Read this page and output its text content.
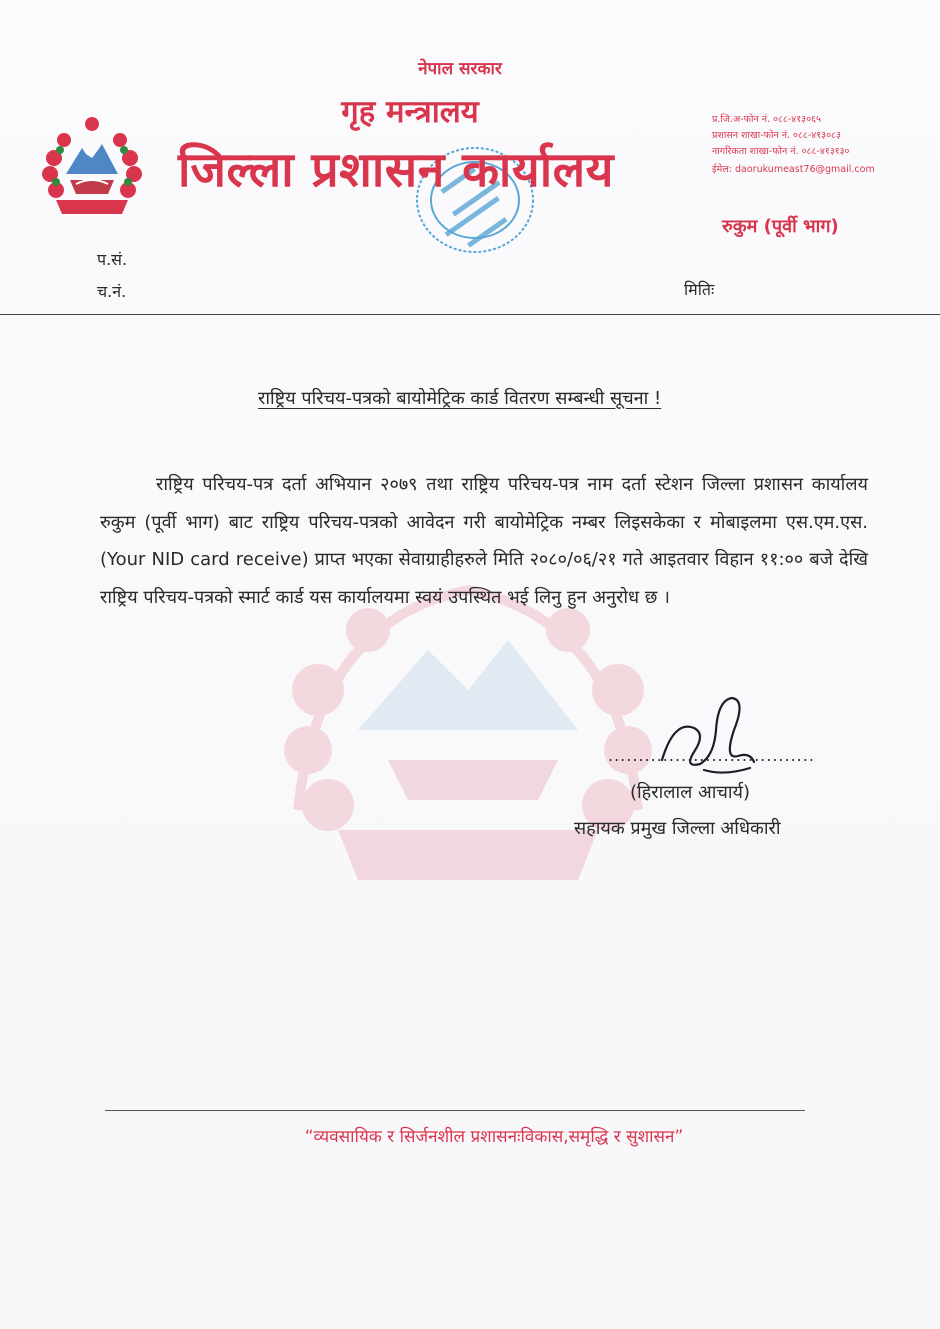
नेपाल सरकार
गृह मन्त्रालय
जिल्ला प्रशासन कार्यालय
प्र.जि.अ-फोन नं. ०८८-४१३०६५
प्रशासन शाखा-फोन नं. ०८८-४१३०८३
नागरिकता शाखा-फोन नं. ०८८-४१३१३०
ईमेल: daorukumeast76@gmail.com
रुकुम (पूर्वी भाग)
प.सं.
च.नं.	मितिः
राष्ट्रिय परिचय-पत्रको बायोमेट्रिक कार्ड वितरण सम्बन्धी सूचना !

राष्ट्रिय परिचय-पत्र दर्ता अभियान २०७९ तथा राष्ट्रिय परिचय-पत्र नाम दर्ता स्टेशन जिल्ला प्रशासन कार्यालय रुकुम (पूर्वी भाग) बाट राष्ट्रिय परिचय-पत्रको आवेदन गरी बायोमेट्रिक नम्बर लिइसकेका र मोबाइलमा एस.एम.एस. (Your NID card receive) प्राप्त भएका सेवाग्राहीहरुले मिति २०८०/०६/२१ गते आइतवार विहान ११:०० बजे देखि राष्ट्रिय परिचय-पत्रको स्मार्ट कार्ड यस कार्यालयमा स्वयं उपस्थित भई लिनु हुन अनुरोध छ ।

..................................
(हिरालाल आचार्य)
सहायक प्रमुख जिल्ला अधिकारी
“व्यवसायिक र सिर्जनशील प्रशासनःविकास,समृद्धि र सुशासन”
